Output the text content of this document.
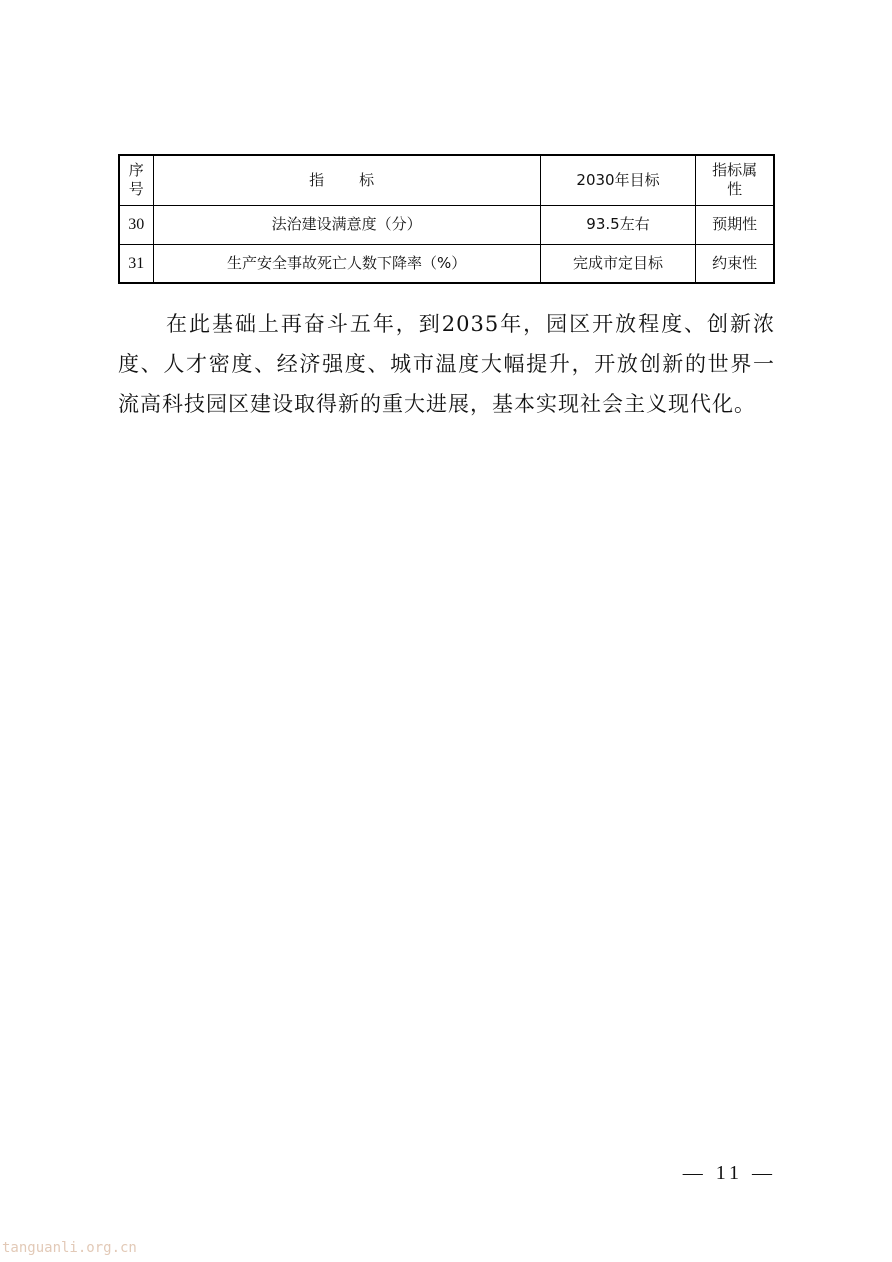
序号	指　标	2030年目标	指标属性
30	法治建设满意度（分）	93.5左右	预期性
31	生产安全事故死亡人数下降率（%）	完成市定目标	约束性

在此基础上再奋斗五年，到2035年，园区开放程度、创新浓度、人才密度、经济强度、城市温度大幅提升，开放创新的世界一流高科技园区建设取得新的重大进展，基本实现社会主义现代化。

— 11 —
tanguanli.org.cn
